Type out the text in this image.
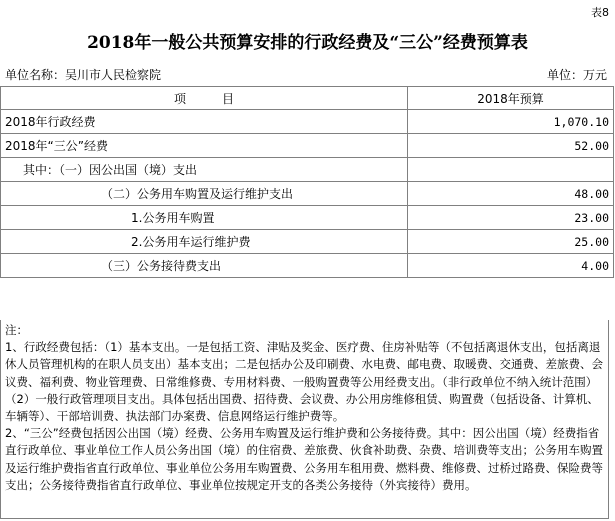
表8
2018年一般公共预算安排的行政经费及“三公”经费预算表
单位名称：吴川市人民检察院	单位：万元
项　　　目	2018年预算
2018年行政经费	1,070.10
2018年“三公”经费	52.00
其中：（一）因公出国（境）支出	
（二）公务用车购置及运行维护支出	48.00
1.公务用车购置	23.00
2.公务用车运行维护费	25.00
（三）公务接待费支出	4.00

注：

1、行政经费包括：（1）基本支出。一是包括工资、津贴及奖金、医疗费、住房补贴等（不包括离退休支出，包括离退休人员管理机构的在职人员支出）基本支出；二是包括办公及印刷费、水电费、邮电费、取暖费、交通费、差旅费、会议费、福利费、物业管理费、日常维修费、专用材料费、一般购置费等公用经费支出。（非行政单位不纳入统计范围）　（2）一般行政管理项目支出。具体包括出国费、招待费、会议费、办公用房维修租赁、购置费（包括设备、计算机、车辆等）、干部培训费、执法部门办案费、信息网络运行维护费等。

2、“三公”经费包括因公出国（境）经费、公务用车购置及运行维护费和公务接待费。其中：因公出国（境）经费指省直行政单位、事业单位工作人员公务出国（境）的住宿费、差旅费、伙食补助费、杂费、培训费等支出；公务用车购置及运行维护费指省直行政单位、事业单位公务用车购置费、公务用车租用费、燃料费、维修费、过桥过路费、保险费等支出；公务接待费指省直行政单位、事业单位按规定开支的各类公务接待（外宾接待）费用。
